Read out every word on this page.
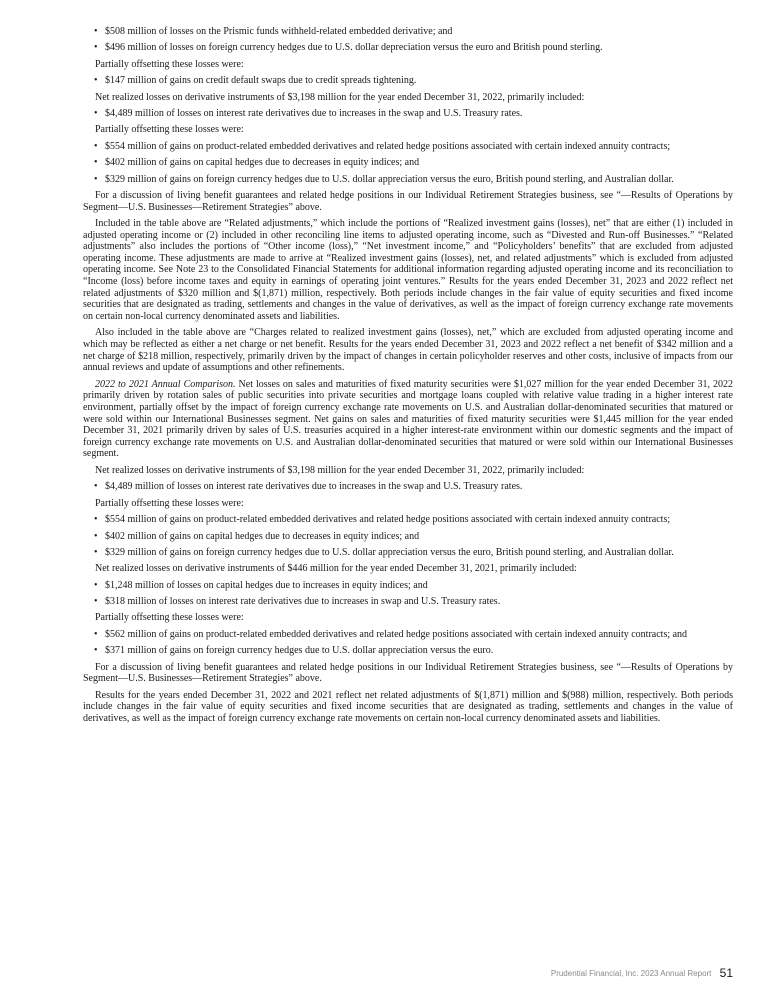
• $508 million of losses on the Prismic funds withheld-related embedded derivative; and

• $496 million of losses on foreign currency hedges due to U.S. dollar depreciation versus the euro and British pound sterling.

Partially offsetting these losses were:

• $147 million of gains on credit default swaps due to credit spreads tightening.

Net realized losses on derivative instruments of $3,198 million for the year ended December 31, 2022, primarily included:

• $4,489 million of losses on interest rate derivatives due to increases in the swap and U.S. Treasury rates.

Partially offsetting these losses were:

• $554 million of gains on product-related embedded derivatives and related hedge positions associated with certain indexed annuity contracts;

• $402 million of gains on capital hedges due to decreases in equity indices; and

• $329 million of gains on foreign currency hedges due to U.S. dollar appreciation versus the euro, British pound sterling, and Australian dollar.

For a discussion of living benefit guarantees and related hedge positions in our Individual Retirement Strategies business, see “—Results of Operations by Segment—U.S. Businesses—Retirement Strategies” above.

Included in the table above are “Related adjustments,” which include the portions of “Realized investment gains (losses), net” that are either (1) included in adjusted operating income or (2) included in other reconciling line items to adjusted operating income, such as “Divested and Run-off Businesses.” “Related adjustments” also includes the portions of “Other income (loss),” “Net investment income,” and “Policyholders’ benefits” that are excluded from adjusted operating income. These adjustments are made to arrive at “Realized investment gains (losses), net, and related adjustments” which is excluded from adjusted operating income. See Note 23 to the Consolidated Financial Statements for additional information regarding adjusted operating income and its reconciliation to “Income (loss) before income taxes and equity in earnings of operating joint ventures.” Results for the years ended December 31, 2023 and 2022 reflect net related adjustments of $320 million and $(1,871) million, respectively. Both periods include changes in the fair value of equity securities and fixed income securities that are designated as trading, settlements and changes in the value of derivatives, as well as the impact of foreign currency exchange rate movements on certain non-local currency denominated assets and liabilities.

Also included in the table above are “Charges related to realized investment gains (losses), net,” which are excluded from adjusted operating income and which may be reflected as either a net charge or net benefit. Results for the years ended December 31, 2023 and 2022 reflect a net benefit of $342 million and a net charge of $218 million, respectively, primarily driven by the impact of changes in certain policyholder reserves and other costs, inclusive of impacts from our annual reviews and update of assumptions and other refinements.

2022 to 2021 Annual Comparison. Net losses on sales and maturities of fixed maturity securities were $1,027 million for the year ended December 31, 2022 primarily driven by rotation sales of public securities into private securities and mortgage loans coupled with relative value trading in a higher interest rate environment, partially offset by the impact of foreign currency exchange rate movements on U.S. and Australian dollar-denominated securities that matured or were sold within our International Businesses segment. Net gains on sales and maturities of fixed maturity securities were $1,445 million for the year ended December 31, 2021 primarily driven by sales of U.S. treasuries acquired in a higher interest-rate environment within our domestic segments and the impact of foreign currency exchange rate movements on U.S. and Australian dollar-denominated securities that matured or were sold within our International Businesses segment.

Net realized losses on derivative instruments of $3,198 million for the year ended December 31, 2022, primarily included:

• $4,489 million of losses on interest rate derivatives due to increases in the swap and U.S. Treasury rates.

Partially offsetting these losses were:

• $554 million of gains on product-related embedded derivatives and related hedge positions associated with certain indexed annuity contracts;

• $402 million of gains on capital hedges due to decreases in equity indices; and

• $329 million of gains on foreign currency hedges due to U.S. dollar appreciation versus the euro, British pound sterling, and Australian dollar.

Net realized losses on derivative instruments of $446 million for the year ended December 31, 2021, primarily included:

• $1,248 million of losses on capital hedges due to increases in equity indices; and

• $318 million of losses on interest rate derivatives due to increases in swap and U.S. Treasury rates.

Partially offsetting these losses were:

• $562 million of gains on product-related embedded derivatives and related hedge positions associated with certain indexed annuity contracts; and

• $371 million of gains on foreign currency hedges due to U.S. dollar appreciation versus the euro.

For a discussion of living benefit guarantees and related hedge positions in our Individual Retirement Strategies business, see “—Results of Operations by Segment—U.S. Businesses—Retirement Strategies” above.

Results for the years ended December 31, 2022 and 2021 reflect net related adjustments of $(1,871) million and $(988) million, respectively. Both periods include changes in the fair value of equity securities and fixed income securities that are designated as trading, settlements and changes in the value of derivatives, as well as the impact of foreign currency exchange rate movements on certain non-local currency denominated assets and liabilities.

Prudential Financial, Inc. 2023 Annual Report 51
